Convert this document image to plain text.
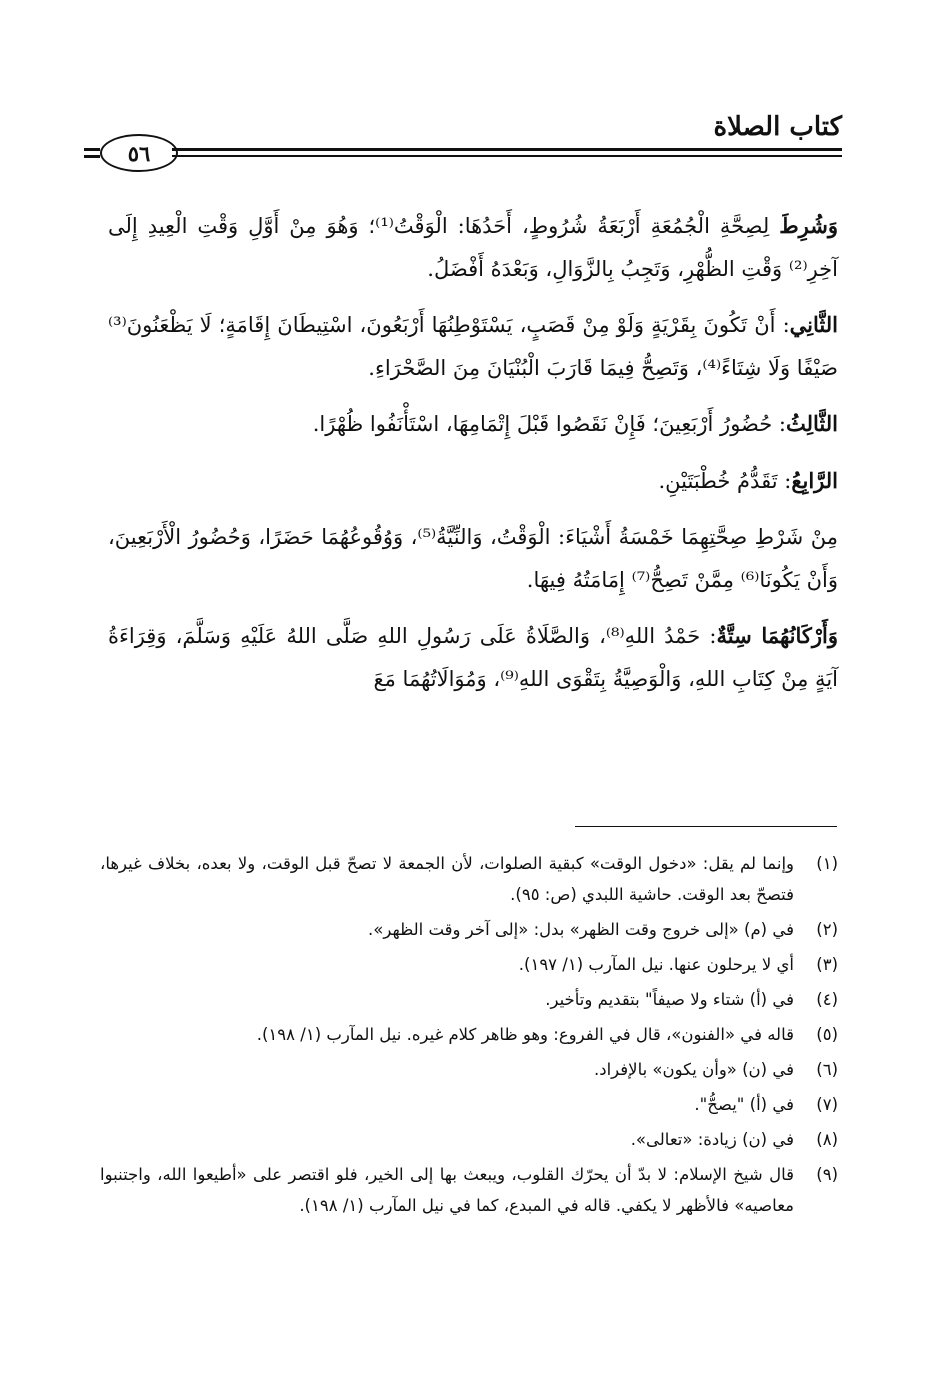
٥٦
كتاب الصلاة

وَشُرِطَ لِصِحَّةِ الْجُمُعَةِ أَرْبَعَةُ شُرُوطٍ، أَحَدُهَا: الْوَقْتُ⁽¹⁾؛ وَهُوَ مِنْ أَوَّلِ وَقْتِ الْعِيدِ إِلَى آخِرِ⁽²⁾ وَقْتِ الظُّهْرِ، وَتَجِبُ بِالزَّوَالِ، وَبَعْدَهُ أَفْضَلُ.

الثَّانِي: أَنْ تَكُونَ بِقَرْيَةٍ وَلَوْ مِنْ قَصَبٍ، يَسْتَوْطِنُهَا أَرْبَعُونَ، اسْتِيطَانَ إِقَامَةٍ؛ لَا يَظْعَنُونَ⁽³⁾ صَيْفًا وَلَا شِتَاءً⁽⁴⁾، وَتَصِحُّ فِيمَا قَارَبَ الْبُنْيَانَ مِنَ الصَّحْرَاءِ.

الثَّالِثُ: حُضُورُ أَرْبَعِينَ؛ فَإِنْ نَقَصُوا قَبْلَ إِتْمَامِهَا، اسْتَأْنَفُوا ظُهْرًا.

الرَّابِعُ: تَقَدُّمُ خُطْبَتَيْنِ.

مِنْ شَرْطِ صِحَّتِهِمَا خَمْسَةُ أَشْيَاءَ: الْوَقْتُ، وَالنِّيَّةُ⁽⁵⁾، وَوُقُوعُهُمَا حَضَرًا، وَحُضُورُ الْأَرْبَعِينَ، وَأَنْ يَكُونَا⁽⁶⁾ مِمَّنْ تَصِحُّ⁽⁷⁾ إِمَامَتُهُ فِيهَا.

وَأَرْكَانُهُمَا سِتَّةٌ: حَمْدُ اللهِ⁽⁸⁾، وَالصَّلَاةُ عَلَى رَسُولِ اللهِ صَلَّى اللهُ عَلَيْهِ وَسَلَّمَ، وَقِرَاءَةُ آيَةٍ مِنْ كِتَابِ اللهِ، وَالْوَصِيَّةُ بِتَقْوَى اللهِ⁽⁹⁾، وَمُوَالَاتُهُمَا مَعَ

(١)
وإنما لم يقل: «دخول الوقت» كبقية الصلوات، لأن الجمعة لا تصحّ قبل الوقت، ولا بعده، بخلاف غيرها، فتصحّ بعد الوقت. حاشية اللبدي (ص: ٩٥).
(٢)
في (م) «إلى خروج وقت الظهر» بدل: «إلى آخر وقت الظهر».
(٣)
أي لا يرحلون عنها. نيل المآرب (١/ ١٩٧).
(٤)
في (أ) شتاء ولا صيفاً" بتقديم وتأخير.
(٥)
قاله في «الفنون»، قال في الفروع: وهو ظاهر كلام غيره. نيل المآرب (١/ ١٩٨).
(٦)
في (ن) «وأن يكون» بالإفراد.
(٧)
في (أ) "يصحُّ".
(٨)
في (ن) زيادة: «تعالى».
(٩)
قال شيخ الإسلام: لا بدّ أن يحرّك القلوب، ويبعث بها إلى الخير، فلو اقتصر على «أطيعوا الله، واجتنبوا معاصيه» فالأظهر لا يكفي. قاله في المبدع، كما في نيل المآرب (١/ ١٩٨).
